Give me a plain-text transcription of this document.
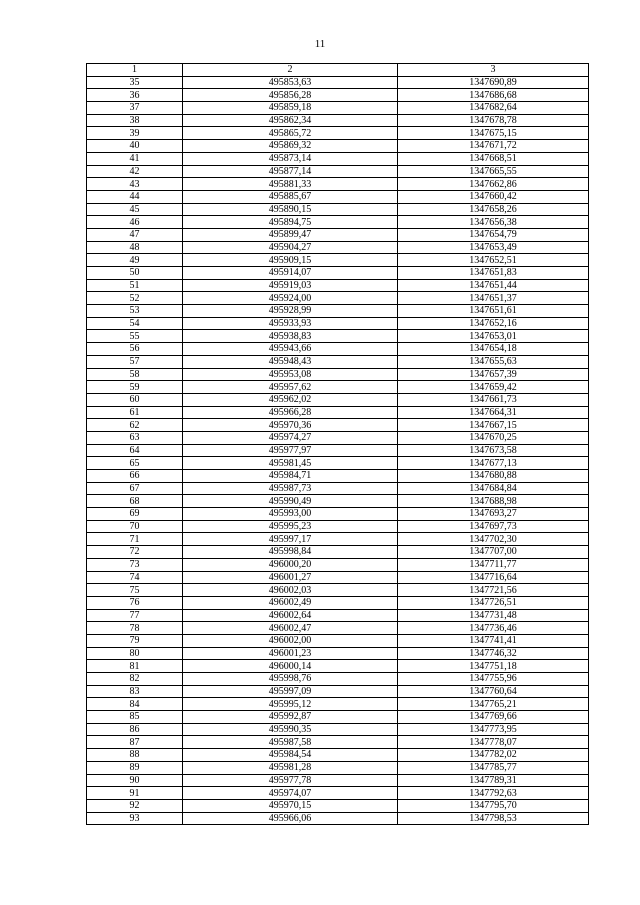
11
1	2	3
35	495853,63	1347690,89
36	495856,28	1347686,68
37	495859,18	1347682,64
38	495862,34	1347678,78
39	495865,72	1347675,15
40	495869,32	1347671,72
41	495873,14	1347668,51
42	495877,14	1347665,55
43	495881,33	1347662,86
44	495885,67	1347660,42
45	495890,15	1347658,26
46	495894,75	1347656,38
47	495899,47	1347654,79
48	495904,27	1347653,49
49	495909,15	1347652,51
50	495914,07	1347651,83
51	495919,03	1347651,44
52	495924,00	1347651,37
53	495928,99	1347651,61
54	495933,93	1347652,16
55	495938,83	1347653,01
56	495943,66	1347654,18
57	495948,43	1347655,63
58	495953,08	1347657,39
59	495957,62	1347659,42
60	495962,02	1347661,73
61	495966,28	1347664,31
62	495970,36	1347667,15
63	495974,27	1347670,25
64	495977,97	1347673,58
65	495981,45	1347677,13
66	495984,71	1347680,88
67	495987,73	1347684,84
68	495990,49	1347688,98
69	495993,00	1347693,27
70	495995,23	1347697,73
71	495997,17	1347702,30
72	495998,84	1347707,00
73	496000,20	1347711,77
74	496001,27	1347716,64
75	496002,03	1347721,56
76	496002,49	1347726,51
77	496002,64	1347731,48
78	496002,47	1347736,46
79	496002,00	1347741,41
80	496001,23	1347746,32
81	496000,14	1347751,18
82	495998,76	1347755,96
83	495997,09	1347760,64
84	495995,12	1347765,21
85	495992,87	1347769,66
86	495990,35	1347773,95
87	495987,58	1347778,07
88	495984,54	1347782,02
89	495981,28	1347785,77
90	495977,78	1347789,31
91	495974,07	1347792,63
92	495970,15	1347795,70
93	495966,06	1347798,53
